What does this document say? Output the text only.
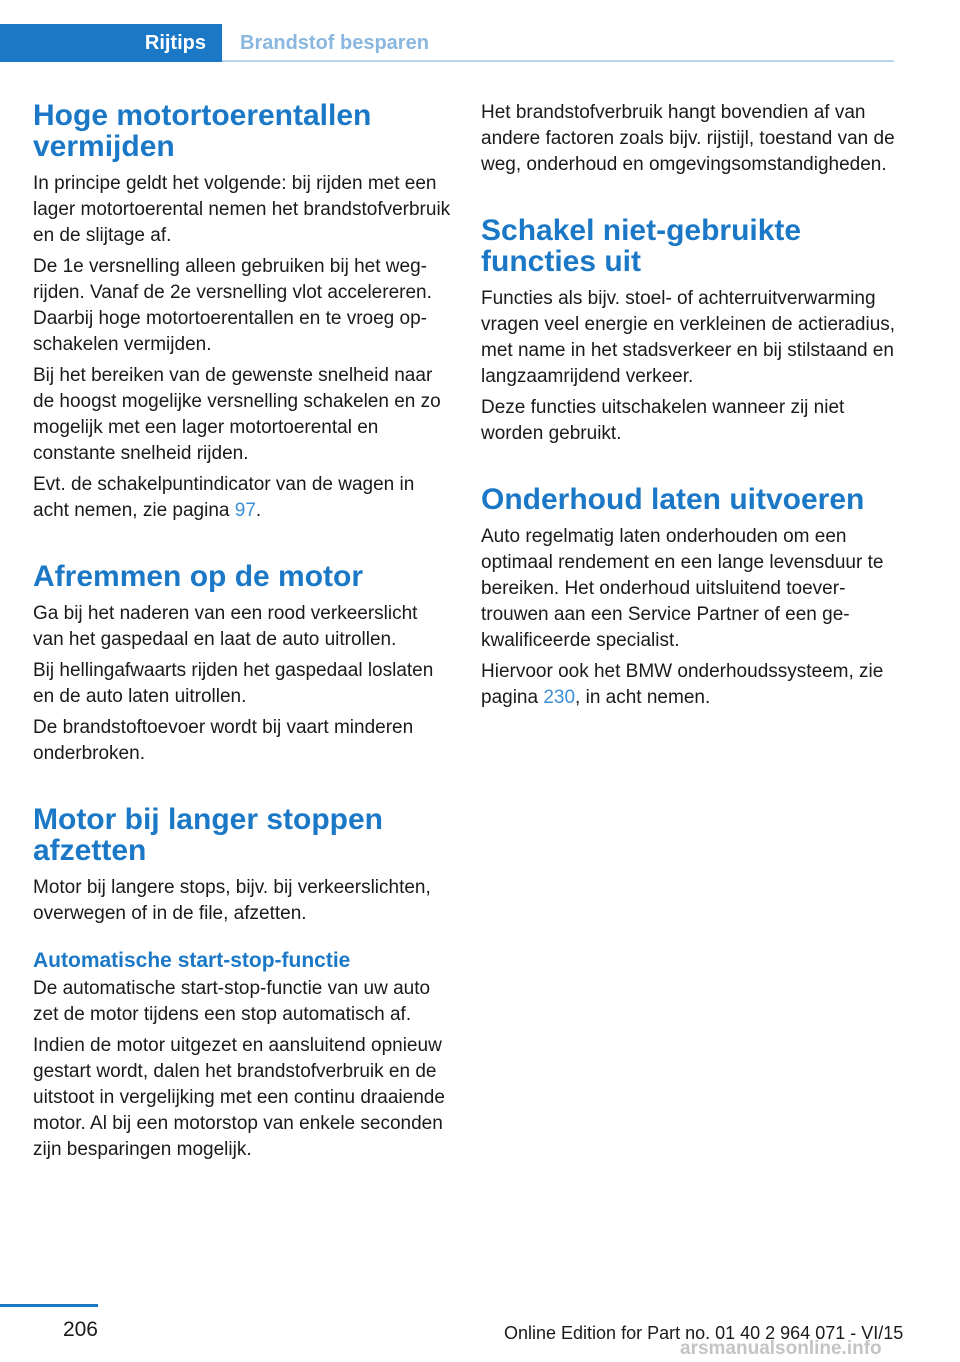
Rijtips	Brandstof besparen
Hoge motortoerentallen
vermijden

In principe geldt het volgende: bij rijden met een lager motortoerental nemen het brandstofverbruik en de slijtage af.

De 1e versnelling alleen gebruiken bij het wegrijden. Vanaf de 2e versnelling vlot accelereren. Daarbij hoge motortoerentallen en te vroeg opschakelen vermijden.

Bij het bereiken van de gewenste snelheid naar de hoogst mogelijke versnelling schakelen en zo mogelijk met een lager motortoerental en constante snelheid rijden.

Evt. de schakelpuntindicator van de wagen in acht nemen, zie pagina 97.

Afremmen op de motor

Ga bij het naderen van een rood verkeerslicht van het gaspedaal en laat de auto uitrollen.

Bij hellingafwaarts rijden het gaspedaal loslaten en de auto laten uitrollen.

De brandstoftoevoer wordt bij vaart minderen onderbroken.

Motor bij langer stoppen
afzetten

Motor bij langere stops, bijv. bij verkeerslichten, overwegen of in de file, afzetten.

Automatische start-stop-functie

De automatische start-stop-functie van uw auto zet de motor tijdens een stop automatisch af.

Indien de motor uitgezet en aansluitend opnieuw gestart wordt, dalen het brandstofverbruik en de uitstoot in vergelijking met een continu draaiende motor. Al bij een motorstop van enkele seconden zijn besparingen mogelijk.

Het brandstofverbruik hangt bovendien af van andere factoren zoals bijv. rijstijl, toestand van de weg, onderhoud en omgevingsomstandigheden.

Schakel niet-gebruikte
functies uit

Functies als bijv. stoel- of achterruitverwarming vragen veel energie en verkleinen de actieradius, met name in het stadsverkeer en bij stilstaand en langzaamrijdend verkeer.

Deze functies uitschakelen wanneer zij niet worden gebruikt.

Onderhoud laten uitvoeren

Auto regelmatig laten onderhouden om een optimaal rendement en een lange levensduur te bereiken. Het onderhoud uitsluitend toevertrouwen aan een Service Partner of een gekwalificeerde specialist.

Hiervoor ook het BMW onderhoudssysteem, zie pagina 230, in acht nemen.

206	Online Edition for Part no. 01 40 2 964 071 - VI/15
arsmanualsonline.info
